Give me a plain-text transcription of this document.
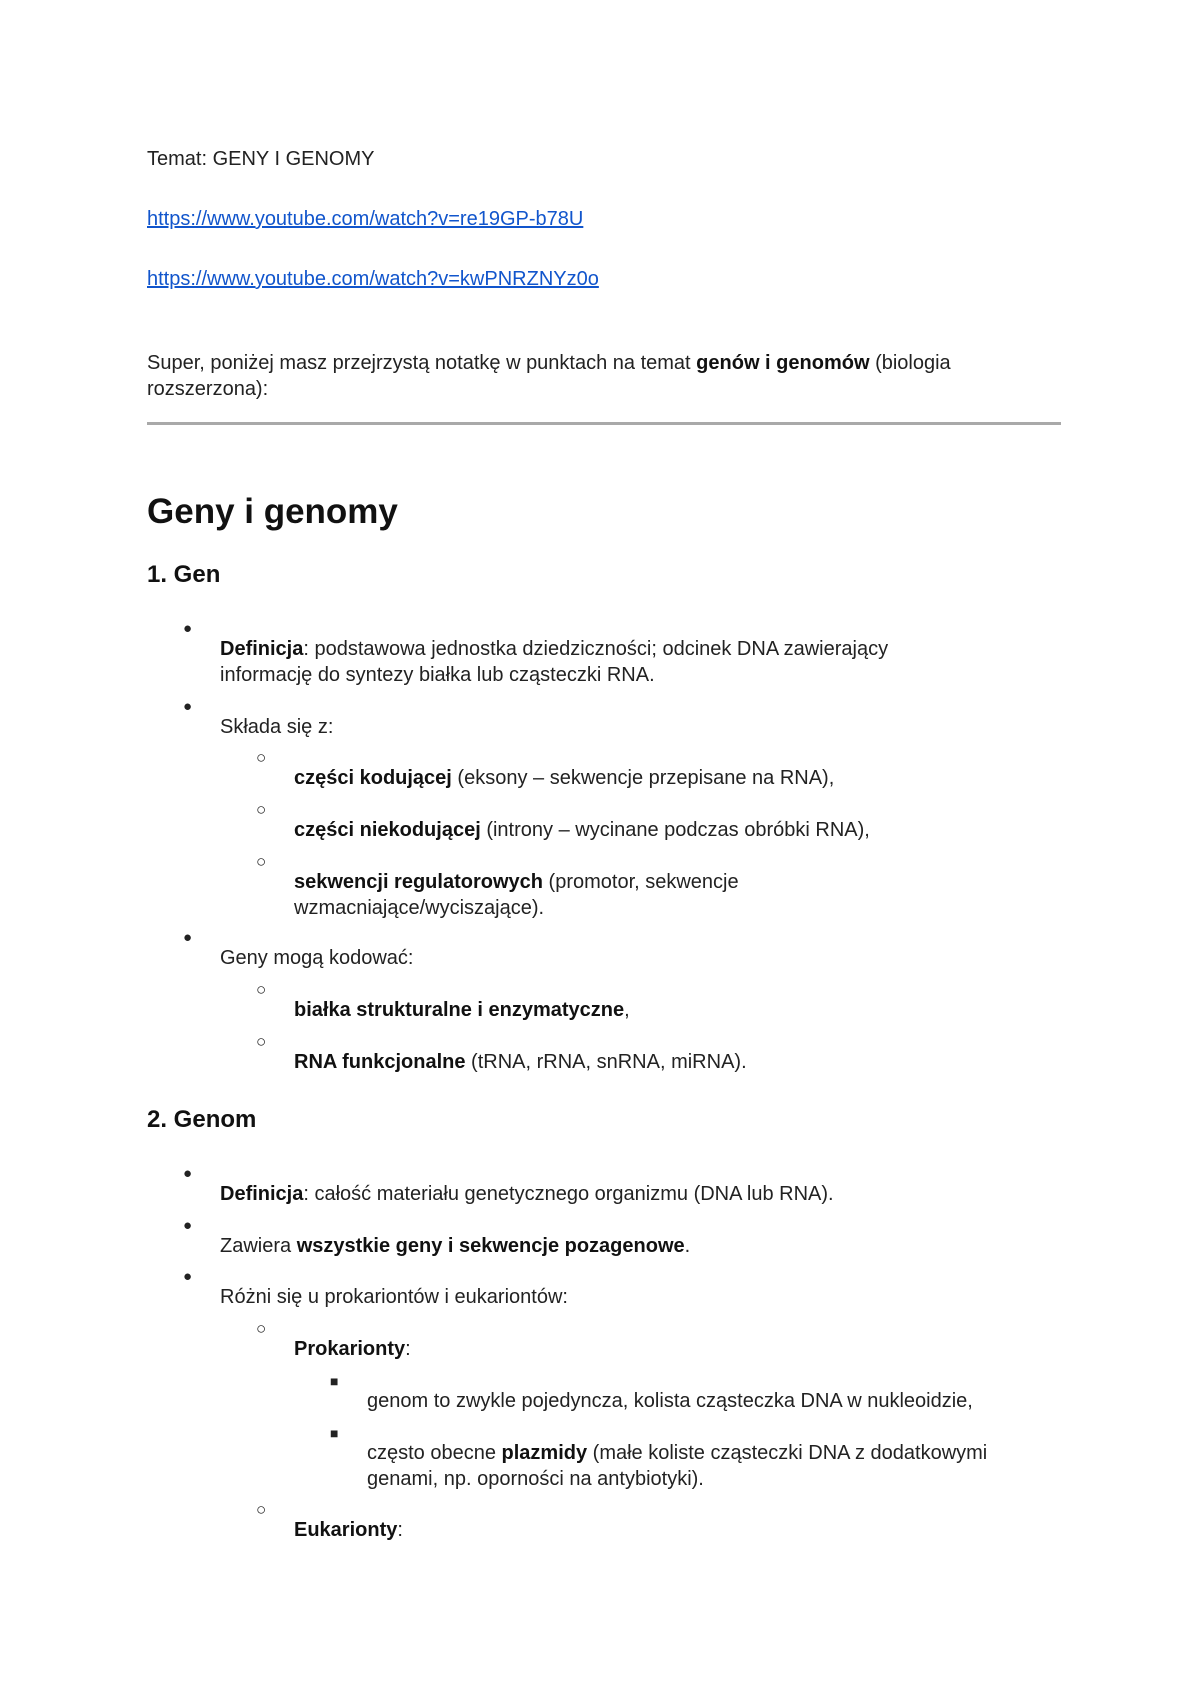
Temat: GENY I GENOMY

https://www.youtube.com/watch?v=re19GP-b78U
https://www.youtube.com/watch?v=kwPNRZNYz0o

Super, poniżej masz przejrzystą notatkę w punktach na temat genów i genomów (biologia

rozszerzona):

Geny i genomy
1. Gen
●

Definicja: podstawowa jednostka dziedziczności; odcinek DNA zawierający

informację do syntezy białka lub cząsteczki RNA.

●

Składa się z:

○

części kodującej (eksony – sekwencje przepisane na RNA),

○

części niekodującej (introny – wycinane podczas obróbki RNA),

○

sekwencji regulatorowych (promotor, sekwencje

wzmacniające/wyciszające).

●

Geny mogą kodować:

○

białka strukturalne i enzymatyczne,

○

RNA funkcjonalne (tRNA, rRNA, snRNA, miRNA).

2. Genom
●

Definicja: całość materiału genetycznego organizmu (DNA lub RNA).

●

Zawiera wszystkie geny i sekwencje pozagenowe.

●

Różni się u prokariontów i eukariontów:

○

Prokarionty:

■

genom to zwykle pojedyncza, kolista cząsteczka DNA w nukleoidzie,

■

często obecne plazmidy (małe koliste cząsteczki DNA z dodatkowymi

genami, np. oporności na antybiotyki).

○

Eukarionty:
